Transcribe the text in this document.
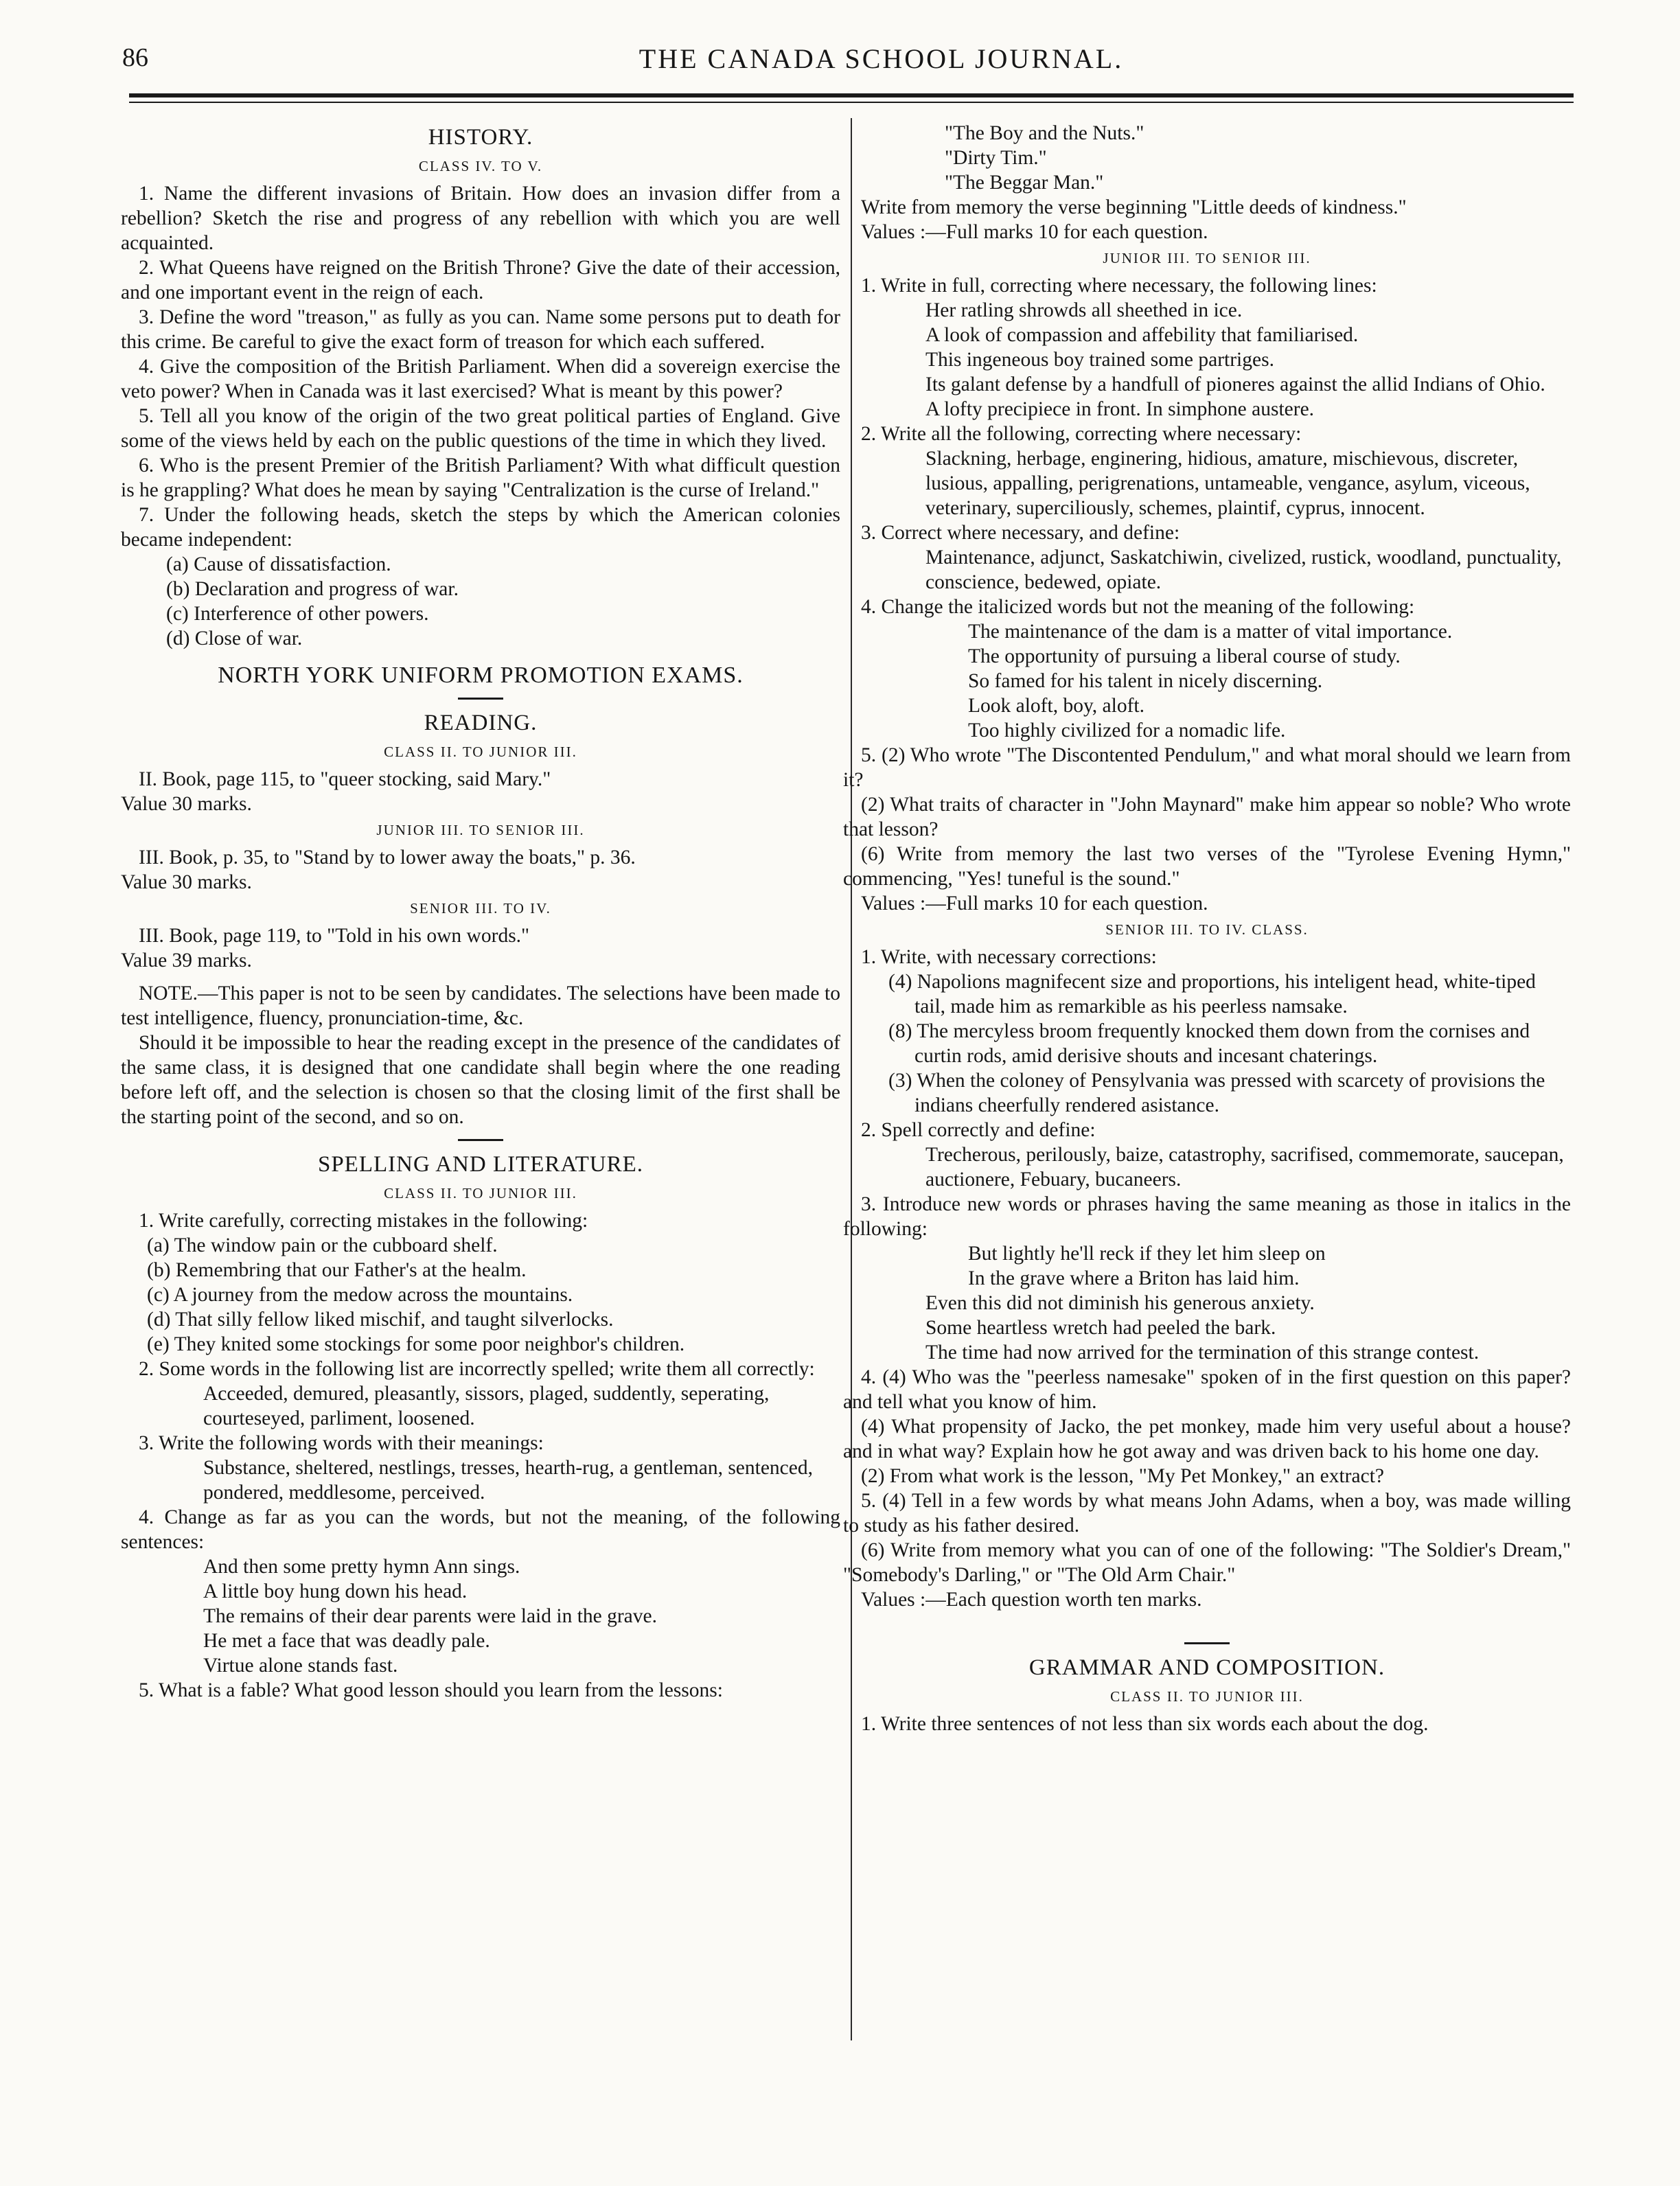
86	THE CANADA SCHOOL JOURNAL.
HISTORY.
CLASS IV. TO V.

1. Name the different invasions of Britain. How does an invasion differ from a rebellion? Sketch the rise and progress of any rebellion with which you are well acquainted.

2. What Queens have reigned on the British Throne? Give the date of their accession, and one important event in the reign of each.

3. Define the word "treason," as fully as you can. Name some persons put to death for this crime. Be careful to give the exact form of treason for which each suffered.

4. Give the composition of the British Parliament. When did a sovereign exercise the veto power? When in Canada was it last exercised? What is meant by this power?

5. Tell all you know of the origin of the two great political parties of England. Give some of the views held by each on the public questions of the time in which they lived.

6. Who is the present Premier of the British Parliament? With what difficult question is he grappling? What does he mean by saying "Centralization is the curse of Ireland."

7. Under the following heads, sketch the steps by which the American colonies became independent:

(a) Cause of dissatisfaction.

(b) Declaration and progress of war.

(c) Interference of other powers.

(d) Close of war.

NORTH YORK UNIFORM PROMOTION EXAMS.
READING.
CLASS II. TO JUNIOR III.

II. Book, page 115, to "queer stocking, said Mary."

Value 30 marks.

JUNIOR III. TO SENIOR III.

III. Book, p. 35, to "Stand by to lower away the boats," p. 36.

Value 30 marks.

SENIOR III. TO IV.

III. Book, page 119, to "Told in his own words."

Value 39 marks.

NOTE.—This paper is not to be seen by candidates. The selections have been made to test intelligence, fluency, pronunciation-time, &c.

Should it be impossible to hear the reading except in the presence of the candidates of the same class, it is designed that one candidate shall begin where the one reading before left off, and the selection is chosen so that the closing limit of the first shall be the starting point of the second, and so on.

SPELLING AND LITERATURE.
CLASS II. TO JUNIOR III.

1. Write carefully, correcting mistakes in the following:

(a) The window pain or the cubboard shelf.

(b) Remembring that our Father's at the healm.

(c) A journey from the medow across the mountains.

(d) That silly fellow liked mischif, and taught silverlocks.

(e) They knited some stockings for some poor neighbor's children.

2. Some words in the following list are incorrectly spelled; write them all correctly:

Acceeded, demured, pleasantly, sissors, plaged, suddently, seperating, courteseyed, parliment, loosened.

3. Write the following words with their meanings:

Substance, sheltered, nestlings, tresses, hearth-rug, a gentleman, sentenced, pondered, meddlesome, perceived.

4. Change as far as you can the words, but not the meaning, of the following sentences:

And then some pretty hymn Ann sings.

A little boy hung down his head.

The remains of their dear parents were laid in the grave.

He met a face that was deadly pale.

Virtue alone stands fast.

5. What is a fable? What good lesson should you learn from the lessons:

"The Boy and the Nuts."

"Dirty Tim."

"The Beggar Man."

Write from memory the verse beginning "Little deeds of kindness."

Values :—Full marks 10 for each question.

JUNIOR III. TO SENIOR III.

1. Write in full, correcting where necessary, the following lines:

Her ratling shrowds all sheethed in ice.

A look of compassion and affebility that familiarised.

This ingeneous boy trained some partriges.

Its galant defense by a handfull of pioneres against the allid Indians of Ohio.

A lofty precipiece in front. In simphone austere.

2. Write all the following, correcting where necessary:

Slackning, herbage, enginering, hidious, amature, mischievous, discreter, lusious, appalling, perigrenations, untameable, vengance, asylum, viceous, veterinary, superciliously, schemes, plaintif, cyprus, innocent.

3. Correct where necessary, and define:

Maintenance, adjunct, Saskatchiwin, civelized, rustick, woodland, punctuality, conscience, bedewed, opiate.

4. Change the italicized words but not the meaning of the following:

The maintenance of the dam is a matter of vital importance.

The opportunity of pursuing a liberal course of study.

So famed for his talent in nicely discerning.

Look aloft, boy, aloft.

Too highly civilized for a nomadic life.

5. (2) Who wrote "The Discontented Pendulum," and what moral should we learn from it?

(2) What traits of character in "John Maynard" make him appear so noble? Who wrote that lesson?

(6) Write from memory the last two verses of the "Tyrolese Evening Hymn," commencing, "Yes! tuneful is the sound."

Values :—Full marks 10 for each question.

SENIOR III. TO IV. CLASS.

1. Write, with necessary corrections:

(4) Napolions magnifecent size and proportions, his inteligent head, white-tiped tail, made him as remarkible as his peerless namsake.

(8) The mercyless broom frequently knocked them down from the cornises and curtin rods, amid derisive shouts and incesant chaterings.

(3) When the coloney of Pensylvania was pressed with scarcety of provisions the indians cheerfully rendered asistance.

2. Spell correctly and define:

Trecherous, perilously, baize, catastrophy, sacrifised, commemorate, saucepan, auctionere, Febuary, bucaneers.

3. Introduce new words or phrases having the same meaning as those in italics in the following:

But lightly he'll reck if they let him sleep on

In the grave where a Briton has laid him.

Even this did not diminish his generous anxiety.

Some heartless wretch had peeled the bark.

The time had now arrived for the termination of this strange contest.

4. (4) Who was the "peerless namesake" spoken of in the first question on this paper? and tell what you know of him.

(4) What propensity of Jacko, the pet monkey, made him very useful about a house? and in what way? Explain how he got away and was driven back to his home one day.

(2) From what work is the lesson, "My Pet Monkey," an extract?

5. (4) Tell in a few words by what means John Adams, when a boy, was made willing to study as his father desired.

(6) Write from memory what you can of one of the following: "The Soldier's Dream," "Somebody's Darling," or "The Old Arm Chair."

Values :—Each question worth ten marks.

GRAMMAR AND COMPOSITION.
CLASS II. TO JUNIOR III.

1. Write three sentences of not less than six words each about the dog.
